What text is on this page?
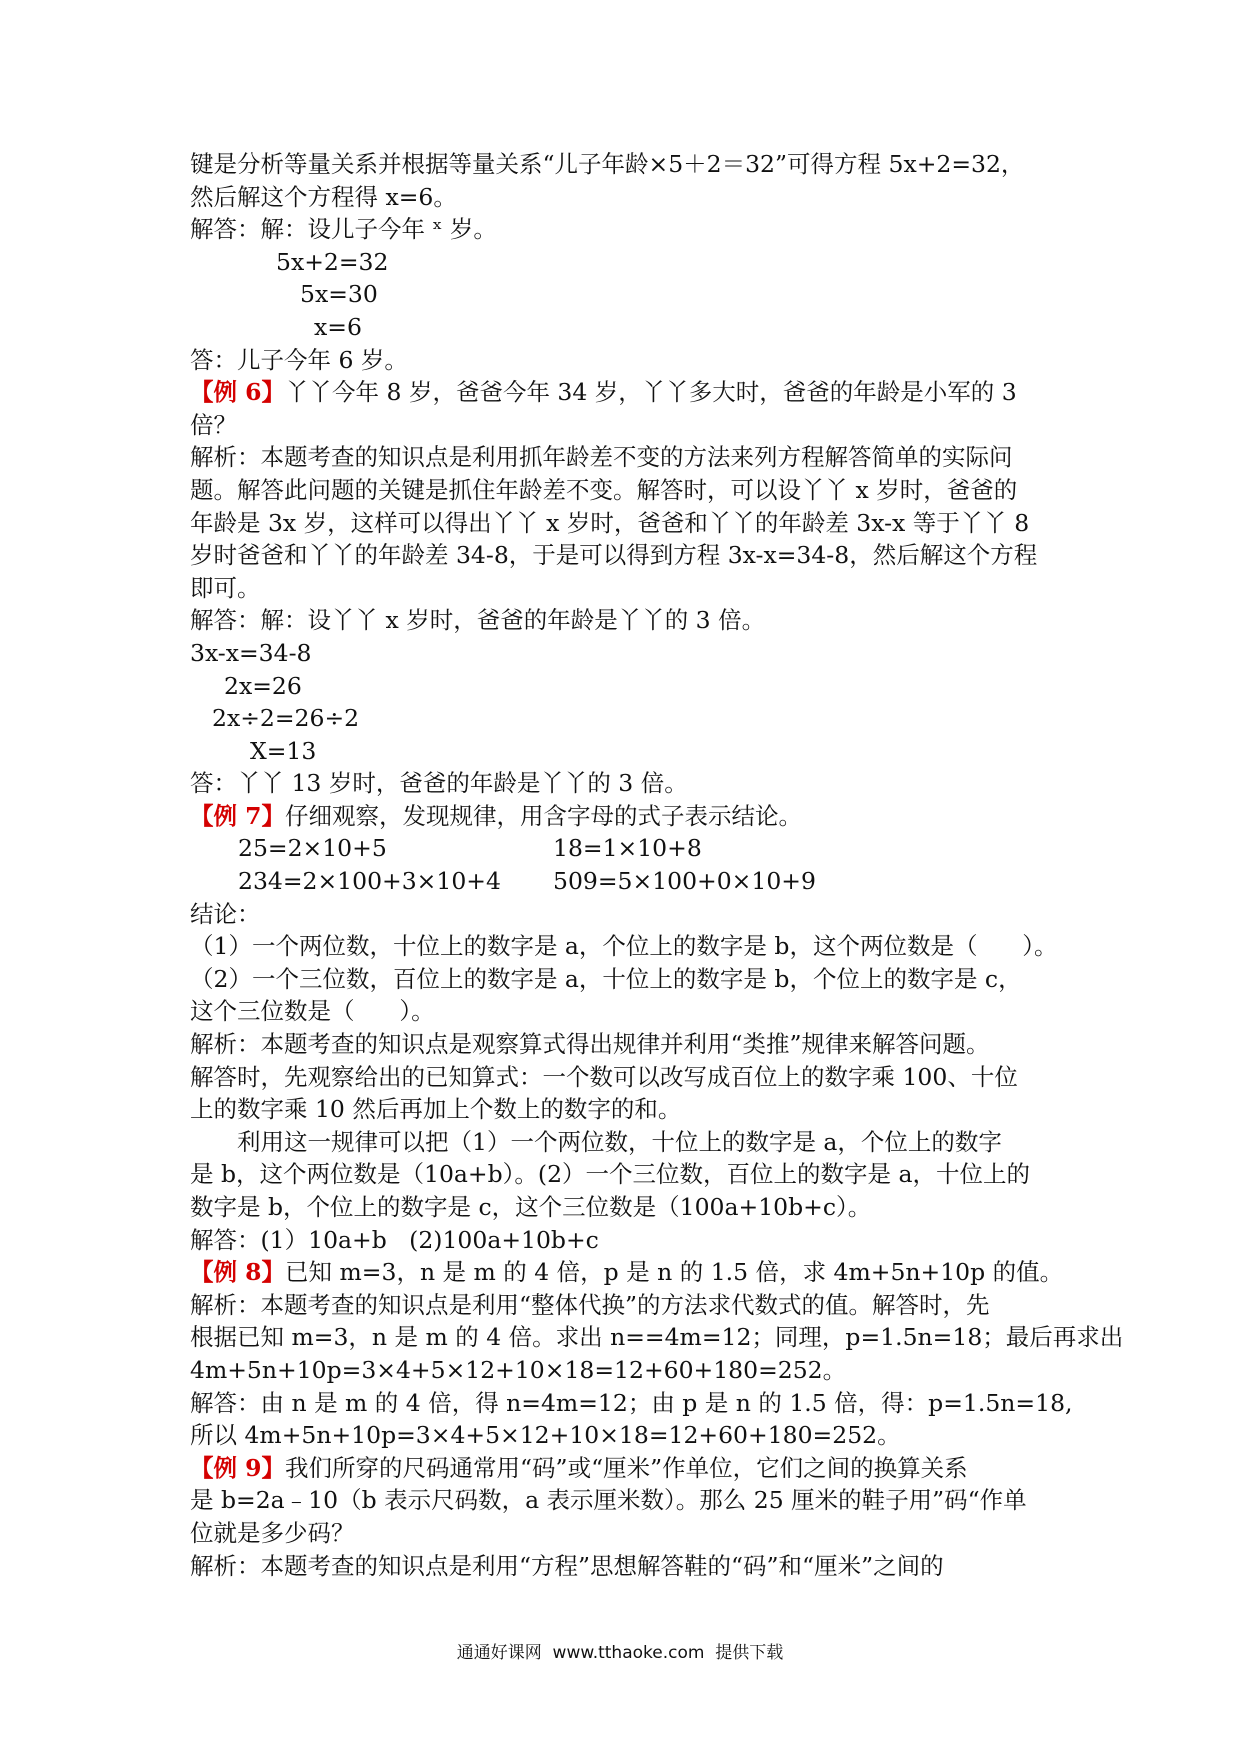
键是分析等量关系并根据等量关系“儿子年龄×5＋2＝32”可得方程 5x+2=32，
然后解这个方程得 x=6。
解答：解：设儿子今年 ˣ 岁。
5x+2=32
5x=30
x=6
答：儿子今年 6 岁。
【例 6】丫丫今年 8 岁，爸爸今年 34 岁，丫丫多大时，爸爸的年龄是小军的 3
倍？
解析：本题考查的知识点是利用抓年龄差不变的方法来列方程解答简单的实际问
题。解答此问题的关键是抓住年龄差不变。解答时，可以设丫丫 x 岁时，爸爸的
年龄是 3x 岁，这样可以得出丫丫 x 岁时，爸爸和丫丫的年龄差 3x-x 等于丫丫 8
岁时爸爸和丫丫的年龄差 34-8，于是可以得到方程 3x-x=34-8，然后解这个方程
即可。
解答：解：设丫丫 x 岁时，爸爸的年龄是丫丫的 3 倍。
3x-x=34-8
2x=26
2x÷2=26÷2
X=13
答：丫丫 13 岁时，爸爸的年龄是丫丫的 3 倍。
【例 7】仔细观察，发现规律，用含字母的式子表示结论。
25=2×10+5	18=1×10+8
234=2×100+3×10+4	509=5×100+0×10+9
结论：
（1）一个两位数，十位上的数字是 a，个位上的数字是 b，这个两位数是（      ）。
（2）一个三位数，百位上的数字是 a，十位上的数字是 b，个位上的数字是 c，
这个三位数是（      ）。
解析：本题考查的知识点是观察算式得出规律并利用“类推”规律来解答问题。
解答时，先观察给出的已知算式：一个数可以改写成百位上的数字乘 100、十位
上的数字乘 10 然后再加上个数上的数字的和。
利用这一规律可以把（1）一个两位数，十位上的数字是 a，个位上的数字
是 b，这个两位数是（10a+b）。(2）一个三位数，百位上的数字是 a，十位上的
数字是 b，个位上的数字是 c，这个三位数是（100a+10b+c）。
解答：(1）10a+b   (2)100a+10b+c
【例 8】已知 m=3，n 是 m 的 4 倍，p 是 n 的 1.5 倍，求 4m+5n+10p 的值。
解析：本题考查的知识点是利用“整体代换”的方法求代数式的值。解答时，先
根据已知 m=3，n 是 m 的 4 倍。求出 n==4m=12；同理，p=1.5n=18；最后再求出
4m+5n+10p=3×4+5×12+10×18=12+60+180=252。
解答：由 n 是 m 的 4 倍，得 n=4m=12；由 p 是 n 的 1.5 倍，得：p=1.5n=18,
所以 4m+5n+10p=3×4+5×12+10×18=12+60+180=252。
【例 9】我们所穿的尺码通常用“码”或“厘米”作单位，它们之间的换算关系
是 b=2a﹣10（b 表示尺码数，a 表示厘米数）。那么 25 厘米的鞋子用”码“作单
位就是多少码？
解析：本题考查的知识点是利用“方程”思想解答鞋的“码”和“厘米”之间的
通通好课网  www.tthaoke.com  提供下载
